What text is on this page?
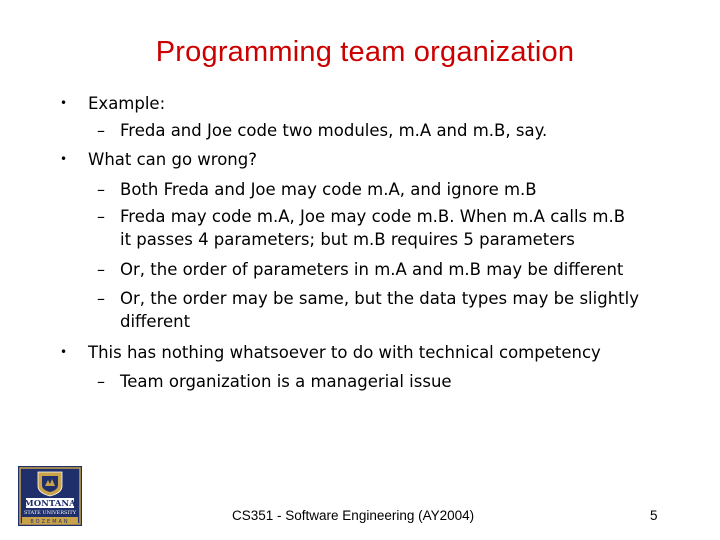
Programming team organization
• Example:
– Freda and Joe code two modules, m.A and m.B, say.
• What can go wrong?
– Both Freda and Joe may code m.A, and ignore m.B
– Freda may code m.A, Joe may code m.B. When m.A calls m.B it passes 4 parameters; but m.B requires 5 parameters
– Or, the order of parameters in m.A and m.B may be different
– Or, the order may be same, but the data types may be slightly different
• This has nothing whatsoever to do with technical competency
– Team organization is a managerial issue
MONTANA
STATE UNIVERSITY
BOZEMAN	CS351 - Software Engineering (AY2004)	5
